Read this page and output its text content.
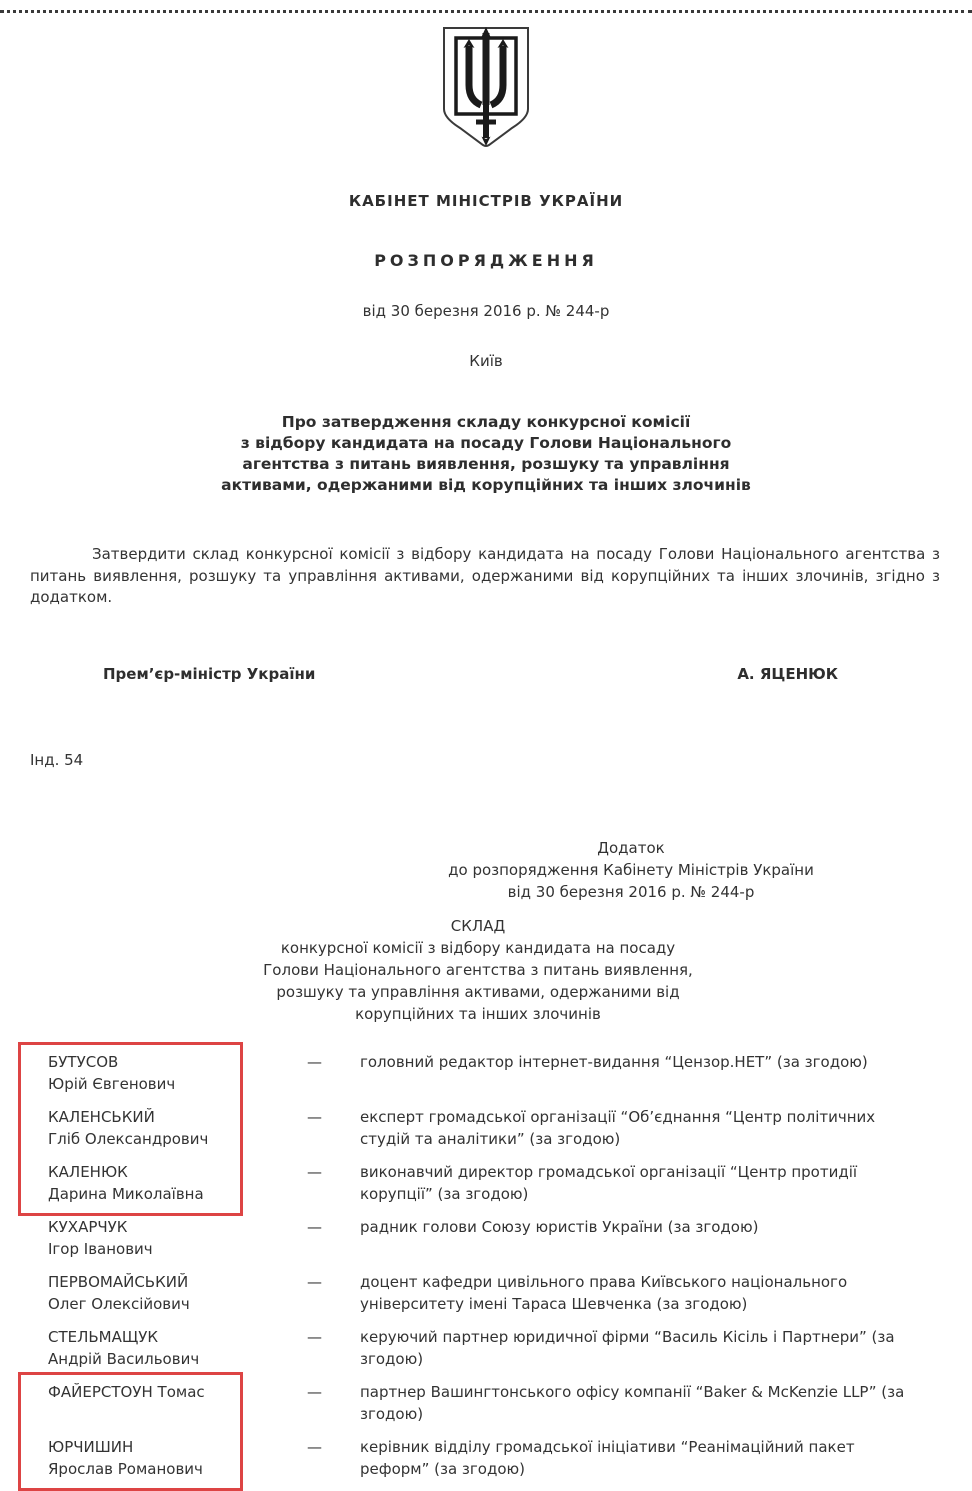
КАБІНЕТ МІНІСТРІВ УКРАЇНИ
РОЗПОРЯДЖЕННЯ
від 30 березня 2016 р. № 244-р
Київ
Про затвердження складу конкурсної комісії
з відбору кандидата на посаду Голови Національного
агентства з питань виявлення, розшуку та управління
активами, одержаними від корупційних та інших злочинів

Затвердити склад конкурсної комісії з відбору кандидата на посаду Голови Національного агентства з питань виявлення, розшуку та управління активами, одержаними від корупційних та інших злочинів, згідно з додатком.

Прем’єр-міністр України	А. ЯЦЕНЮК
Інд. 54
Додаток
до розпорядження Кабінету Міністрів України
від 30 березня 2016 р. № 244-р
СКЛАД
конкурсної комісії з відбору кандидата на посаду
Голови Національного агентства з питань виявлення,
розшуку та управління активами, одержаними від
корупційних та інших злочинів
БУТУСОВ
Юрій Євгенович
—	головний редактор інтернет-видання “Цензор.НЕТ” (за згодою)
КАЛЕНСЬКИЙ
Гліб Олександрович
—	експерт громадської організації “Об’єднання “Центр політичних студій та аналітики” (за згодою)
КАЛЕНЮК
Дарина Миколаївна
—	виконавчий директор громадської організації “Центр протидії корупції” (за згодою)
КУХАРЧУК
Ігор Іванович
—	радник голови Союзу юристів України (за згодою)
ПЕРВОМАЙСЬКИЙ
Олег Олексійович
—	доцент кафедри цивільного права Київського національного університету імені Тараса Шевченка (за згодою)
СТЕЛЬМАЩУК
Андрій Васильович
—	керуючий партнер юридичної фірми “Василь Кісіль і Партнери” (за згодою)
ФАЙЕРСТОУН Томас	—	партнер Вашингтонського офісу компанії “Baker & McKenzie LLP” (за згодою)
ЮРЧИШИН
Ярослав Романович
—	керівник відділу громадської ініціативи “Реанімаційний пакет реформ” (за згодою)
